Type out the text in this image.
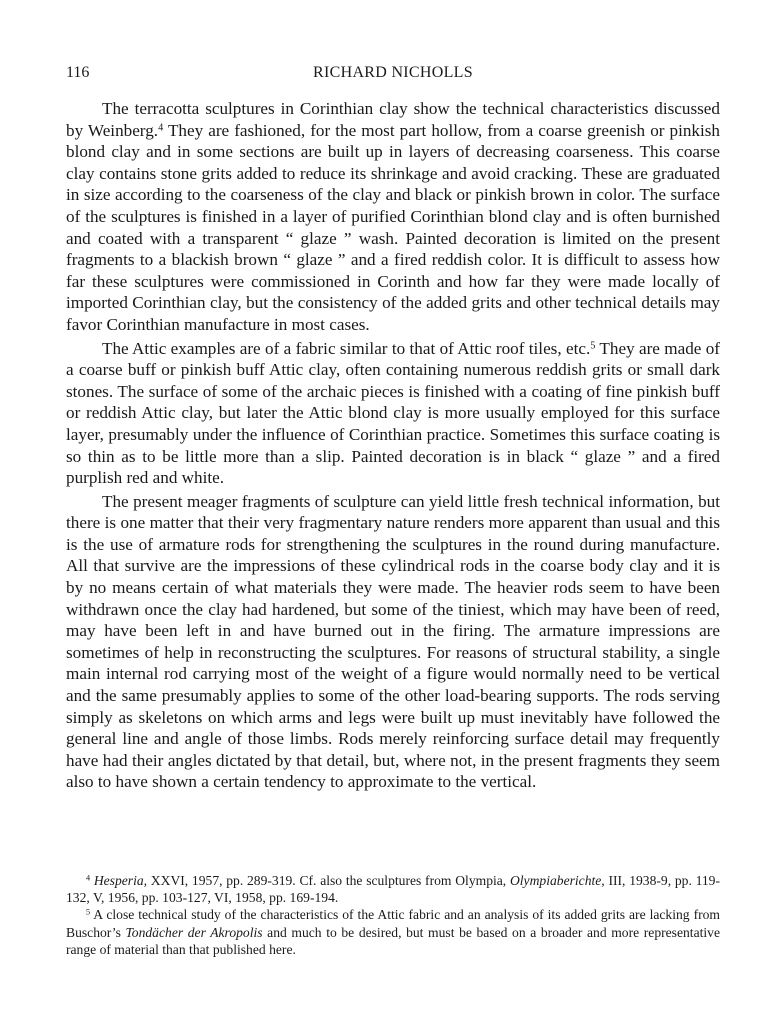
116	RICHARD NICHOLLS

The terracotta sculptures in Corinthian clay show the technical characteristics discussed by Weinberg.$^4$ They are fashioned, for the most part hollow, from a coarse greenish or pinkish blond clay and in some sections are built up in layers of decreasing coarseness. This coarse clay contains stone grits added to reduce its shrinkage and avoid cracking. These are graduated in size according to the coarseness of the clay and black or pinkish brown in color. The surface of the sculptures is finished in a layer of purified Corinthian blond clay and is often burnished and coated with a transparent “ glaze ” wash. Painted decoration is limited on the present fragments to a blackish brown “ glaze ” and a fired reddish color. It is difficult to assess how far these sculptures were commissioned in Corinth and how far they were made locally of imported Corinthian clay, but the consistency of the added grits and other technical details may favor Corinthian manufacture in most cases.

The Attic examples are of a fabric similar to that of Attic roof tiles, etc.$^5$ They are made of a coarse buff or pinkish buff Attic clay, often containing numerous reddish grits or small dark stones. The surface of some of the archaic pieces is finished with a coating of fine pinkish buff or reddish Attic clay, but later the Attic blond clay is more usually employed for this surface layer, presumably under the influence of Corinthian practice. Sometimes this surface coating is so thin as to be little more than a slip. Painted decoration is in black “ glaze ” and a fired purplish red and white.

The present meager fragments of sculpture can yield little fresh technical information, but there is one matter that their very fragmentary nature renders more apparent than usual and this is the use of armature rods for strengthening the sculptures in the round during manufacture. All that survive are the impressions of these cylindrical rods in the coarse body clay and it is by no means certain of what materials they were made. The heavier rods seem to have been withdrawn once the clay had hardened, but some of the tiniest, which may have been of reed, may have been left in and have burned out in the firing. The armature impressions are sometimes of help in reconstructing the sculptures. For reasons of structural stability, a single main internal rod carrying most of the weight of a figure would normally need to be vertical and the same presumably applies to some of the other load-bearing supports. The rods serving simply as skeletons on which arms and legs were built up must inevitably have followed the general line and angle of those limbs. Rods merely reinforcing surface detail may frequently have had their angles dictated by that detail, but, where not, in the present fragments they seem also to have shown a certain tendency to approximate to the vertical.

$^4$ Hesperia, XXVI, 1957, pp. 289-319. Cf. also the sculptures from Olympia, Olympiaberichte, III, 1938-9, pp. 119-132, V, 1956, pp. 103-127, VI, 1958, pp. 169-194.

$^5$ A close technical study of the characteristics of the Attic fabric and an analysis of its added grits are lacking from Buschor’s Tondächer der Akropolis and much to be desired, but must be based on a broader and more representative range of material than that published here.
